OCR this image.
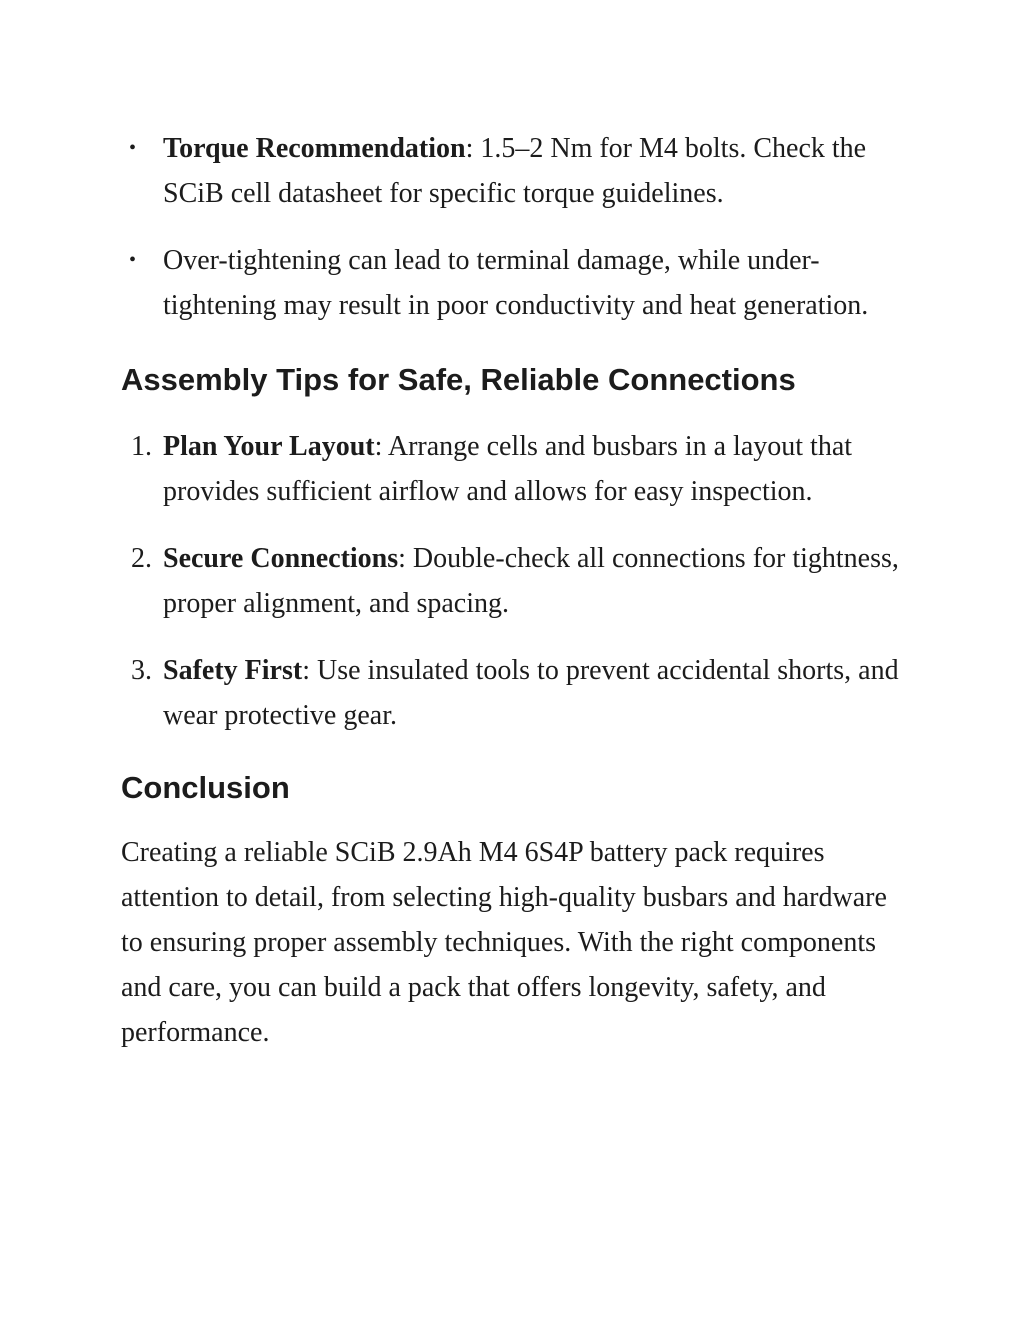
• Torque Recommendation: 1.5–2 Nm for M4 bolts. Check the SCiB cell datasheet for specific torque guidelines.
• Over-tightening can lead to terminal damage, while under-tightening may result in poor conductivity and heat generation.
Assembly Tips for Safe, Reliable Connections
1. Plan Your Layout: Arrange cells and busbars in a layout that provides sufficient airflow and allows for easy inspection.
2. Secure Connections: Double-check all connections for tightness, proper alignment, and spacing.
3. Safety First: Use insulated tools to prevent accidental shorts, and wear protective gear.
Conclusion

Creating a reliable SCiB 2.9Ah M4 6S4P battery pack requires attention to detail, from selecting high-quality busbars and hardware to ensuring proper assembly techniques. With the right components and care, you can build a pack that offers longevity, safety, and performance.
